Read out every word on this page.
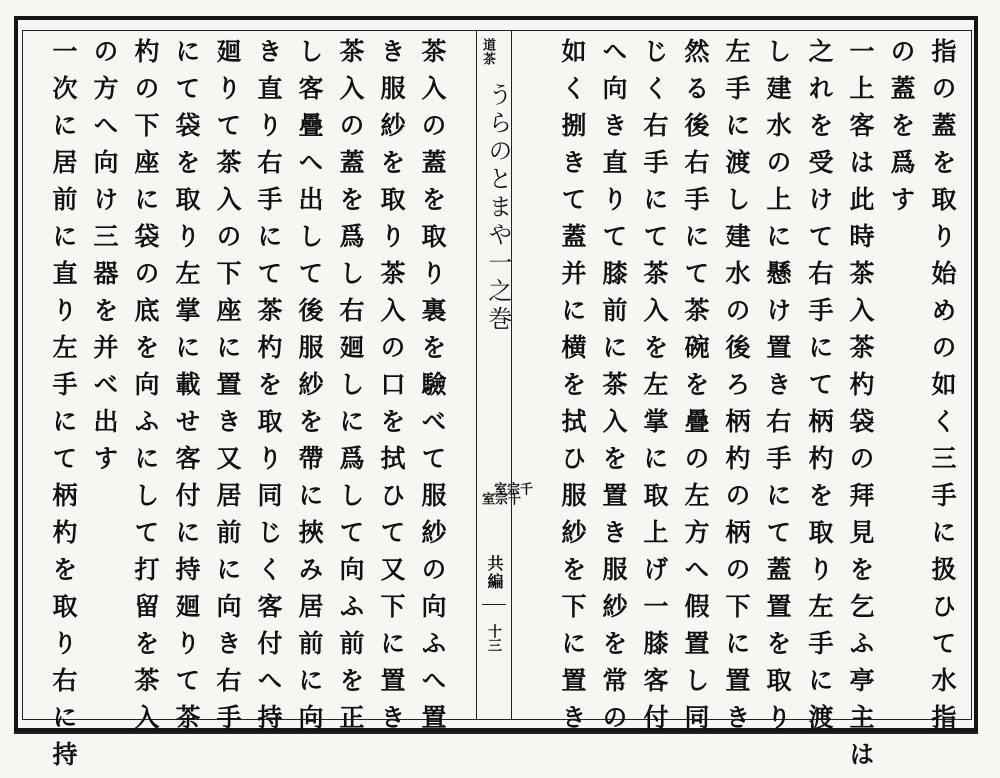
指の蓋を取り始めの如く三手に扱ひて水指
の蓋を爲す
一上客は此時茶入茶杓袋の拜見を乞ふ亭主は
之れを受けて右手にて柄杓を取り左手に渡
し建水の上に懸け置き右手にて蓋置を取り
左手に渡し建水の後ろ柄杓の柄の下に置き
然る後右手にて茶碗を疊の左方へ假置し同
じく右手にて茶入を左掌に取上げ一膝客付
へ向き直りて膝前に茶入を置き服紗を常の
如く捌きて蓋并に横を拭ひ服紗を下に置き
道茶
うらのとまや一之巻
千宗室
千宗室
共編
十三
茶入の蓋を取り裏を驗べて服紗の向ふへ置
き服紗を取り茶入の口を拭ひて又下に置き
茶入の蓋を爲し右廻しに爲して向ふ前を正
し客疊へ出して後服紗を帶に挾み居前に向
き直り右手にて茶杓を取り同じく客付へ持
廻りて茶入の下座に置き又居前に向き右手
にて袋を取り左掌に載せ客付に持廻りて茶
杓の下座に袋の底を向ふにして打留を茶入
の方へ向け三器を并べ出す
一次に居前に直り左手にて柄杓を取り右に持
